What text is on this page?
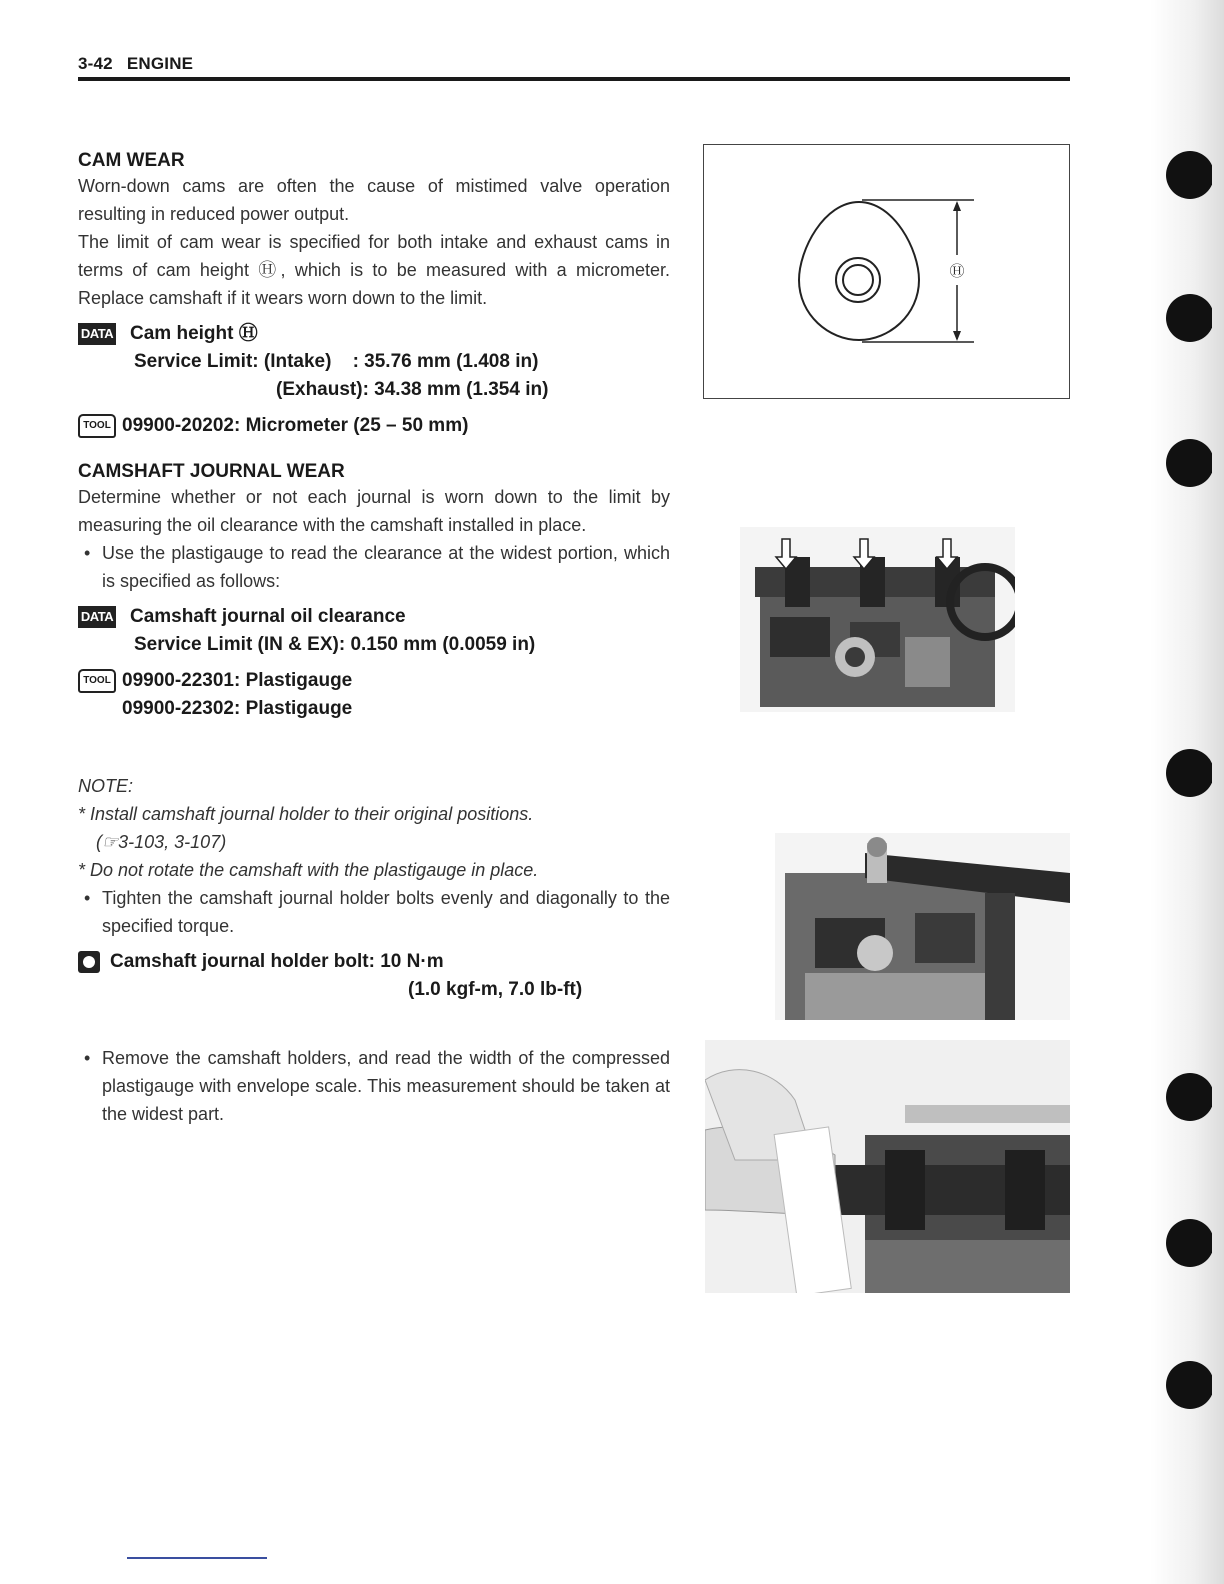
3-42 ENGINE
CAM WEAR
Worn-down cams are often the cause of mistimed valve operation resulting in reduced power output.
The limit of cam wear is specified for both intake and exhaust cams in terms of cam height Ⓗ, which is to be measured with a micrometer. Replace camshaft if it wears worn down to the limit.
DATA Cam height Ⓗ
Service Limit: (Intake)    : 35.76 mm (1.408 in)
(Exhaust): 34.38 mm (1.354 in)
TOOL 09900-20202: Micrometer (25 – 50 mm)
CAMSHAFT JOURNAL WEAR
Determine whether or not each journal is worn down to the limit by measuring the oil clearance with the camshaft installed in place.
• Use the plastigauge to read the clearance at the widest portion, which is specified as follows:
DATA Camshaft journal oil clearance
Service Limit (IN & EX): 0.150 mm (0.0059 in)
TOOL 09900-22301: Plastigauge
09900-22302: Plastigauge
NOTE:
* Install camshaft journal holder to their original positions.
(☞3-103, 3-107)
* Do not rotate the camshaft with the plastigauge in place.
• Tighten the camshaft journal holder bolts evenly and diagonally to the specified torque.
Camshaft journal holder bolt: 10 N·m
(1.0 kgf-m, 7.0 lb-ft)
• Remove the camshaft holders, and read the width of the compressed plastigauge with envelope scale. This measurement should be taken at the widest part.
Ⓗ
